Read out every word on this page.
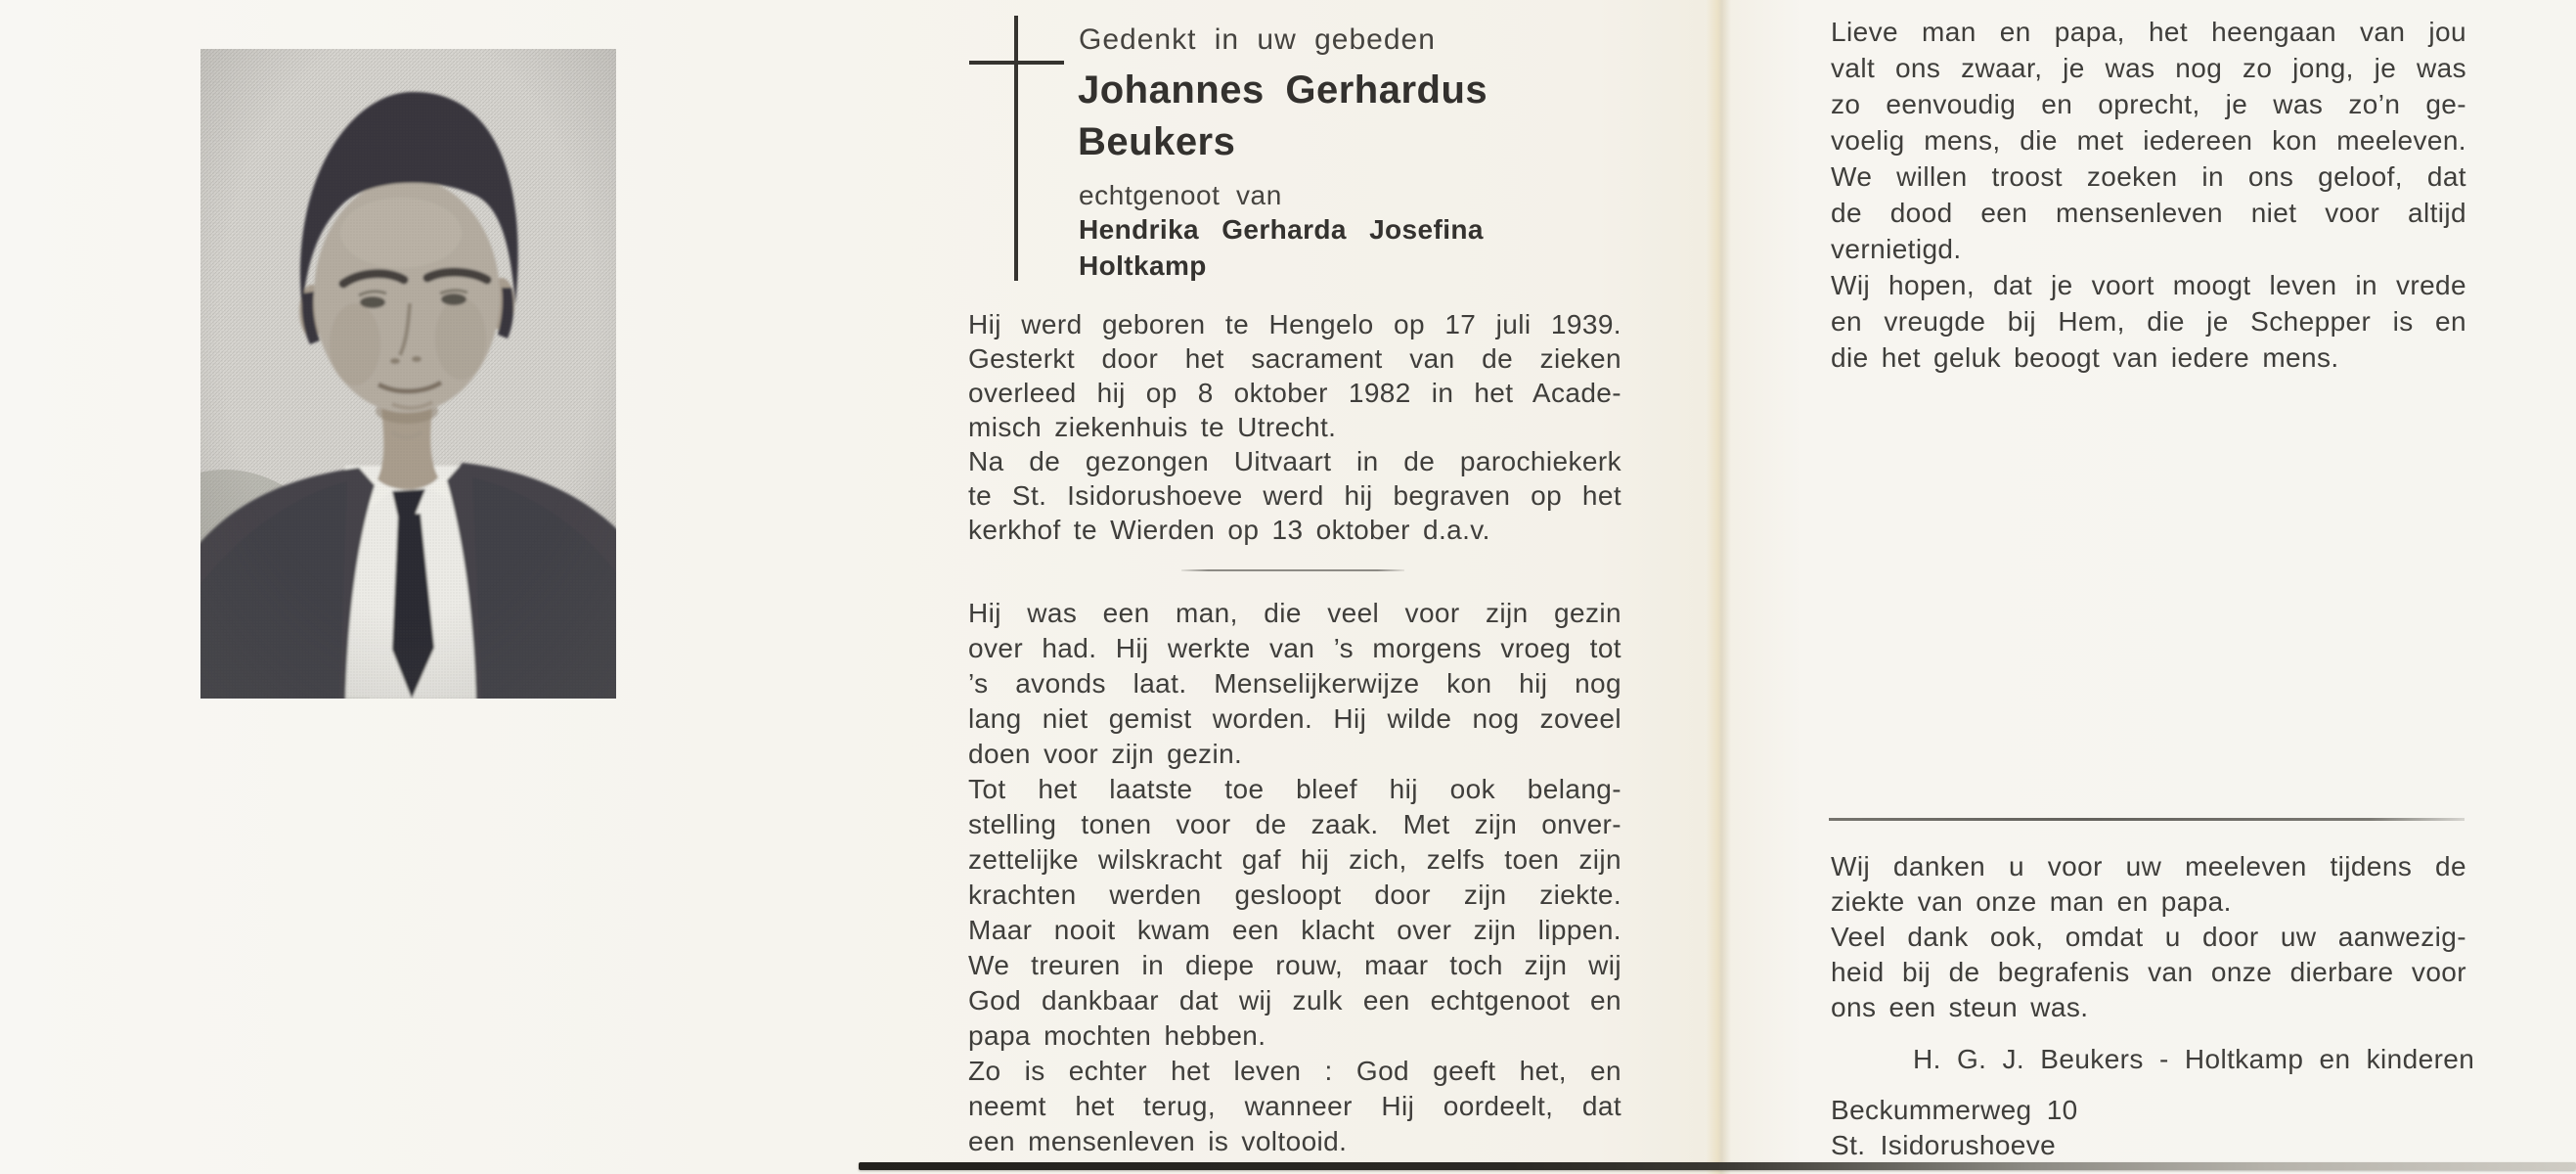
Gedenkt in uw gebeden
Johannes Gerhardus
Beukers
echtgenoot van
Hendrika Gerharda Josefina
Holtkamp
Hij werd geboren te Hengelo op 17 juli 1939.
Gesterkt door het sacrament van de zieken
overleed hij op 8 oktober 1982 in het Acade-
misch ziekenhuis te Utrecht.
Na de gezongen Uitvaart in de parochiekerk
te St. Isidorushoeve werd hij begraven op het
kerkhof te Wierden op 13 oktober d.a.v.
Hij was een man, die veel voor zijn gezin
over had. Hij werkte van ’s morgens vroeg tot
’s avonds laat. Menselijkerwijze kon hij nog
lang niet gemist worden. Hij wilde nog zoveel
doen voor zijn gezin.
Tot het laatste toe bleef hij ook belang-
stelling tonen voor de zaak. Met zijn onver-
zettelijke wilskracht gaf hij zich, zelfs toen zijn
krachten werden gesloopt door zijn ziekte.
Maar nooit kwam een klacht over zijn lippen.
We treuren in diepe rouw, maar toch zijn wij
God dankbaar dat wij zulk een echtgenoot en
papa mochten hebben.
Zo is echter het leven : God geeft het, en
neemt het terug, wanneer Hij oordeelt, dat
een mensenleven is voltooid.
Lieve man en papa, het heengaan van jou
valt ons zwaar, je was nog zo jong, je was
zo eenvoudig en oprecht, je was zo’n ge-
voelig mens, die met iedereen kon meeleven.
We willen troost zoeken in ons geloof, dat
de dood een mensenleven niet voor altijd
vernietigd.
Wij hopen, dat je voort moogt leven in vrede
en vreugde bij Hem, die je Schepper is en
die het geluk beoogt van iedere mens.
Wij danken u voor uw meeleven tijdens de
ziekte van onze man en papa.
Veel dank ook, omdat u door uw aanwezig-
heid bij de begrafenis van onze dierbare voor
ons een steun was.
H. G. J. Beukers - Holtkamp en kinderen
Beckummerweg 10
St. Isidorushoeve
